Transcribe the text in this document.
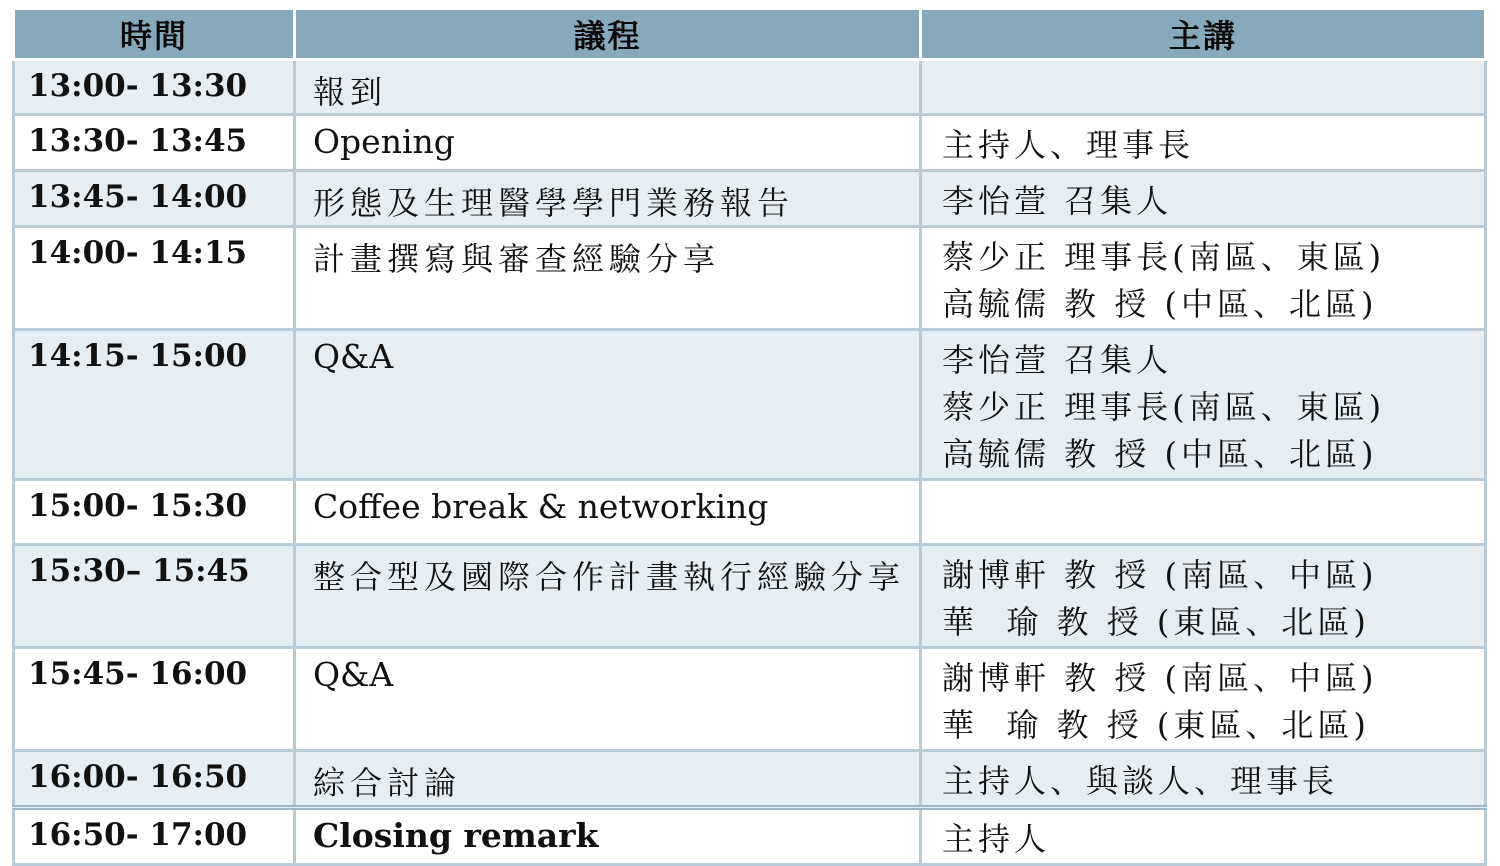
時間	議程	主講
13:00- 13:30	報到	
13:30- 13:45	Opening	主持人、理事長

13:45- 14:00	形態及生理醫學學門業務報告	李怡萱 召集人

14:00- 14:15	計畫撰寫與審查經驗分享	蔡少正 理事長(南區、東區)
高毓儒 教 授 (中區、北區)

14:15- 15:00	Q&A	李怡萱 召集人
蔡少正 理事長(南區、東區)
高毓儒 教 授 (中區、北區)

15:00- 15:30	Coffee break & networking	
15:30– 15:45	整合型及國際合作計畫執行經驗分享	謝博軒 教 授 (南區、中區)
華  瑜 教 授 (東區、北區)

15:45- 16:00	Q&A	謝博軒 教 授 (南區、中區)
華  瑜 教 授 (東區、北區)

16:00- 16:50	綜合討論	主持人、與談人、理事長

16:50- 17:00	Closing remark	主持人
